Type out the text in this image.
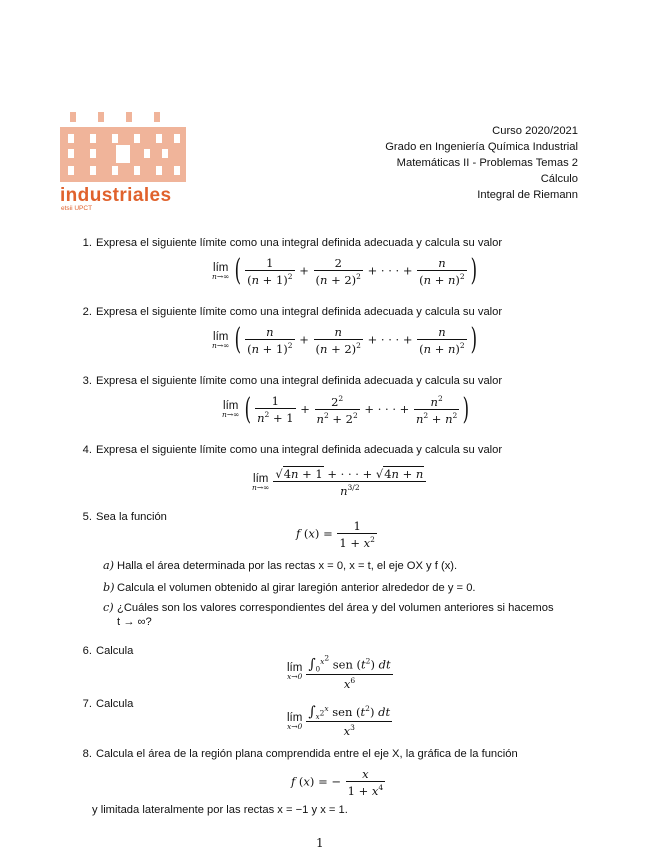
industriales
etsii UPCT
Curso 2020/2021
Grado en Ingeniería Química Industrial
Matemáticas II - Problemas Temas 2
Cálculo
Integral de Riemann
1. Expresa el siguiente límite como una integral definida adecuada y calcula su valor
lím
n→∞ ( $\frac{1}{(n + 1)^2} + \frac{2}{(n + 2)^2}$ + · · · + $\frac{n}{(n + n)^2}$ )
2. Expresa el siguiente límite como una integral definida adecuada y calcula su valor
lím
n→∞ ( $\frac{n}{(n + 1)^2} + \frac{n}{(n + 2)^2}$ + · · · + $\frac{n}{(n + n)^2}$ )
3. Expresa el siguiente límite como una integral definida adecuada y calcula su valor
lím
n→∞ ( $\frac{1}{n^2 + 1} + \frac{2^2}{n^2 + 2^2}$ + · · · + $\frac{n^2}{n^2 + n^2}$ )
4. Expresa el siguiente límite como una integral definida adecuada y calcula su valor
lím
$n\to\infty \frac{√4n + 1 + \cdot \cdot \cdot + √4n + n}{n^{3/2}}$
5. Sea la función
f $(x) = \frac{1}{1 + x^2}$
a) Halla el área determinada por las rectas x = 0, x = t, el eje OX y f (x).
b) Calcula el volumen obtenido al girar laregión anterior alrededor de y = 0.
c) ¿Cuáles son los valores correspondientes del área y del volumen anteriores si hacemos
t → ∞?
6. Calcula
lím
$x\to 0 \frac{\int_0^{x^2} sen (t^2) dt}{x^6}$
7. Calcula
lím
$x\to 0 \frac{\int_{x^2}^x sen (t^2) dt}{x^3}$
8. Calcula el área de la región plana comprendida entre el eje X, la gráfica de la función
f (x) = − $\frac{x}{1 + x^4}$
y limitada lateralmente por las rectas x = −1 y x = 1.
1
